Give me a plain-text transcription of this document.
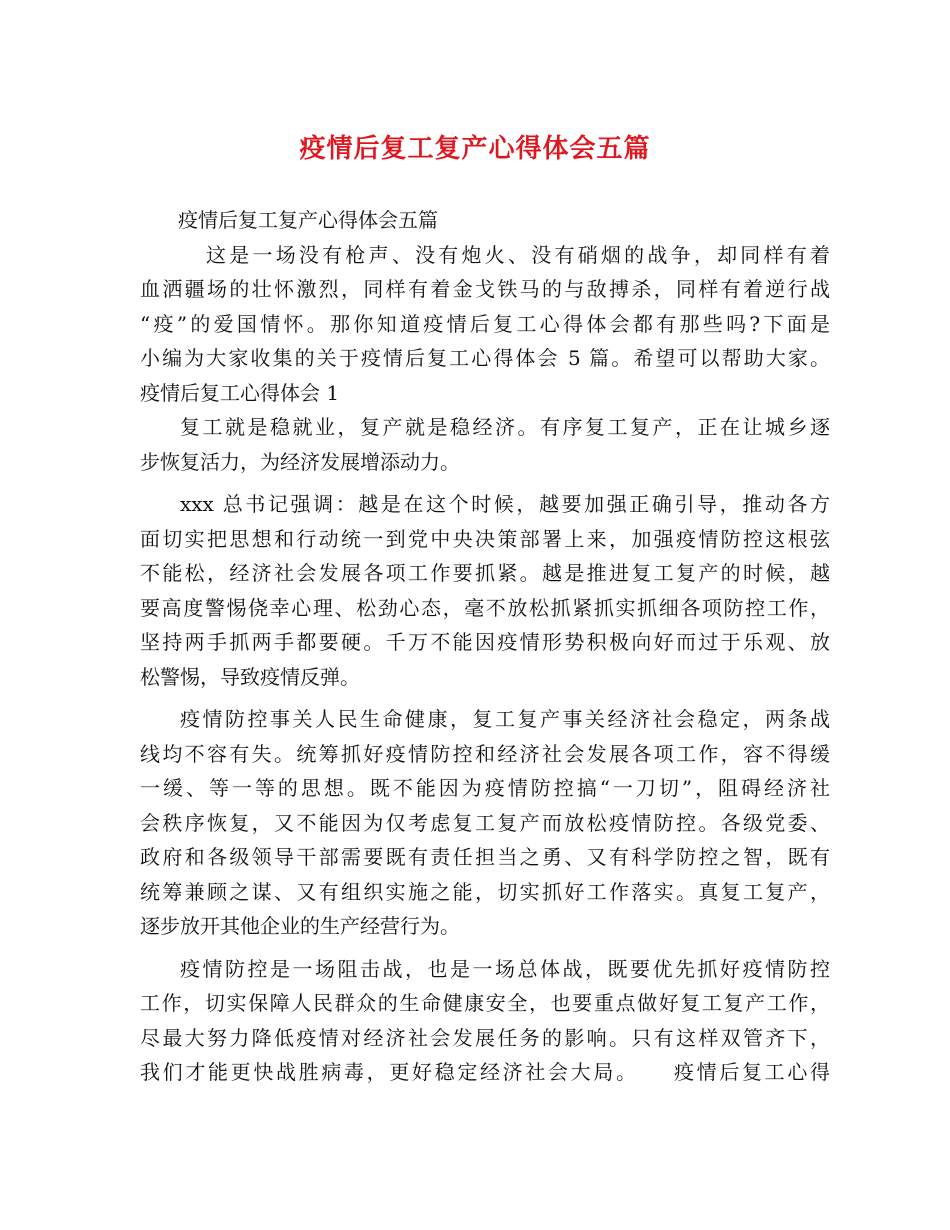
疫情后复工复产心得体会五篇
疫情后复工复产心得体会五篇
这是一场没有枪声、没有炮火、没有硝烟的战争，却同样有着
血洒疆场的壮怀激烈，同样有着金戈铁马的与敌搏杀，同样有着逆行战
“疫”的爱国情怀。那你知道疫情后复工心得体会都有那些吗?下面是
小编为大家收集的关于疫情后复工心得体会 5 篇。希望可以帮助大家。
疫情后复工心得体会 1
复工就是稳就业，复产就是稳经济。有序复工复产，正在让城乡逐
步恢复活力，为经济发展增添动力。
xxx 总书记强调：越是在这个时候，越要加强正确引导，推动各方
面切实把思想和行动统一到党中央决策部署上来，加强疫情防控这根弦
不能松，经济社会发展各项工作要抓紧。越是推进复工复产的时候，越
要高度警惕侥幸心理、松劲心态，毫不放松抓紧抓实抓细各项防控工作，
坚持两手抓两手都要硬。千万不能因疫情形势积极向好而过于乐观、放
松警惕，导致疫情反弹。
疫情防控事关人民生命健康，复工复产事关经济社会稳定，两条战
线均不容有失。统筹抓好疫情防控和经济社会发展各项工作，容不得缓
一缓、等一等的思想。既不能因为疫情防控搞“一刀切”，阻碍经济社
会秩序恢复，又不能因为仅考虑复工复产而放松疫情防控。各级党委、
政府和各级领导干部需要既有责任担当之勇、又有科学防控之智，既有
统筹兼顾之谋、又有组织实施之能，切实抓好工作落实。真复工复产，
逐步放开其他企业的生产经营行为。
疫情防控是一场阻击战，也是一场总体战，既要优先抓好疫情防控
工作，切实保障人民群众的生命健康安全，也要重点做好复工复产工作，
尽最大努力降低疫情对经济社会发展任务的影响。只有这样双管齐下，
我们才能更快战胜病毒，更好稳定经济社会大局。　　疫情后复工心得
